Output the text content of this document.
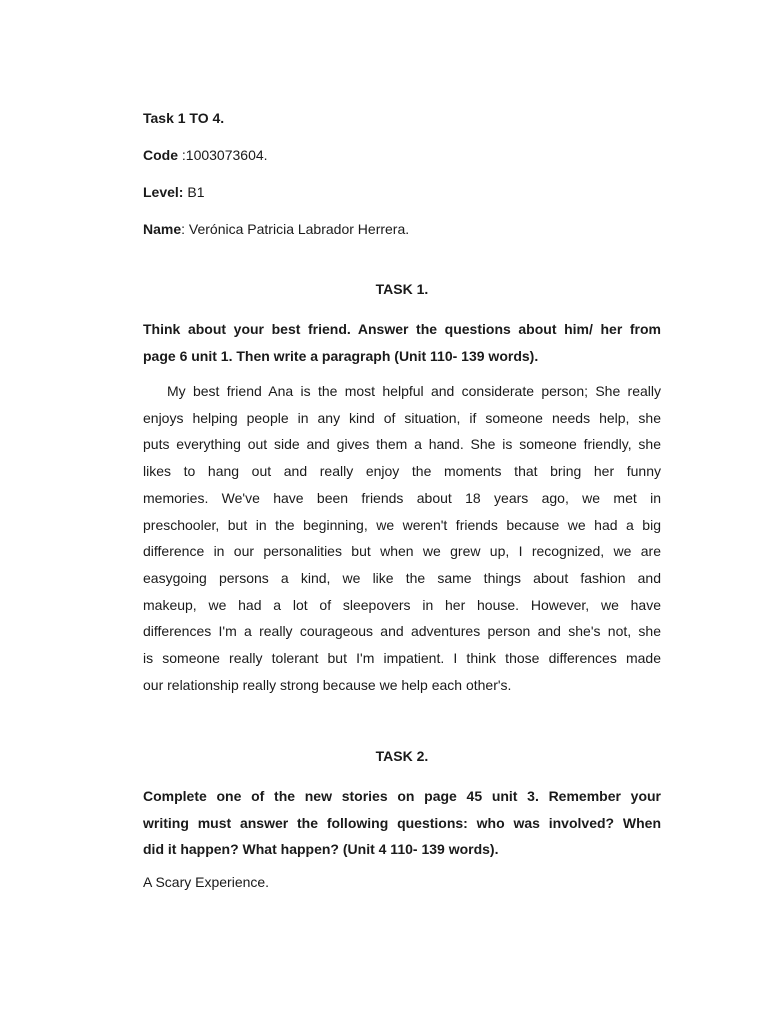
Task 1 TO 4.
Code :1003073604.
Level: B1
Name: Verónica Patricia Labrador Herrera.
TASK 1.
Think about your best friend. Answer the questions about him/ her from
page 6 unit 1. Then write a paragraph (Unit 110- 139 words).
My best friend Ana is the most helpful and considerate person; She really
enjoys helping people in any kind of situation, if someone needs help, she
puts everything out side and gives them a hand. She is someone friendly, she
likes to hang out and really enjoy the moments that bring her funny
memories. We've have been friends about 18 years ago, we met in
preschooler, but in the beginning, we weren't friends because we had a big
difference in our personalities but when we grew up, I recognized, we are
easygoing persons a kind, we like the same things about fashion and
makeup, we had a lot of sleepovers in her house. However, we have
differences I'm a really courageous and adventures person and she's not, she
is someone really tolerant but I'm impatient. I think those differences made
our relationship really strong because we help each other's.
TASK 2.
Complete one of the new stories on page 45 unit 3. Remember your
writing must answer the following questions: who was involved? When
did it happen? What happen? (Unit 4 110- 139 words).
A Scary Experience.
